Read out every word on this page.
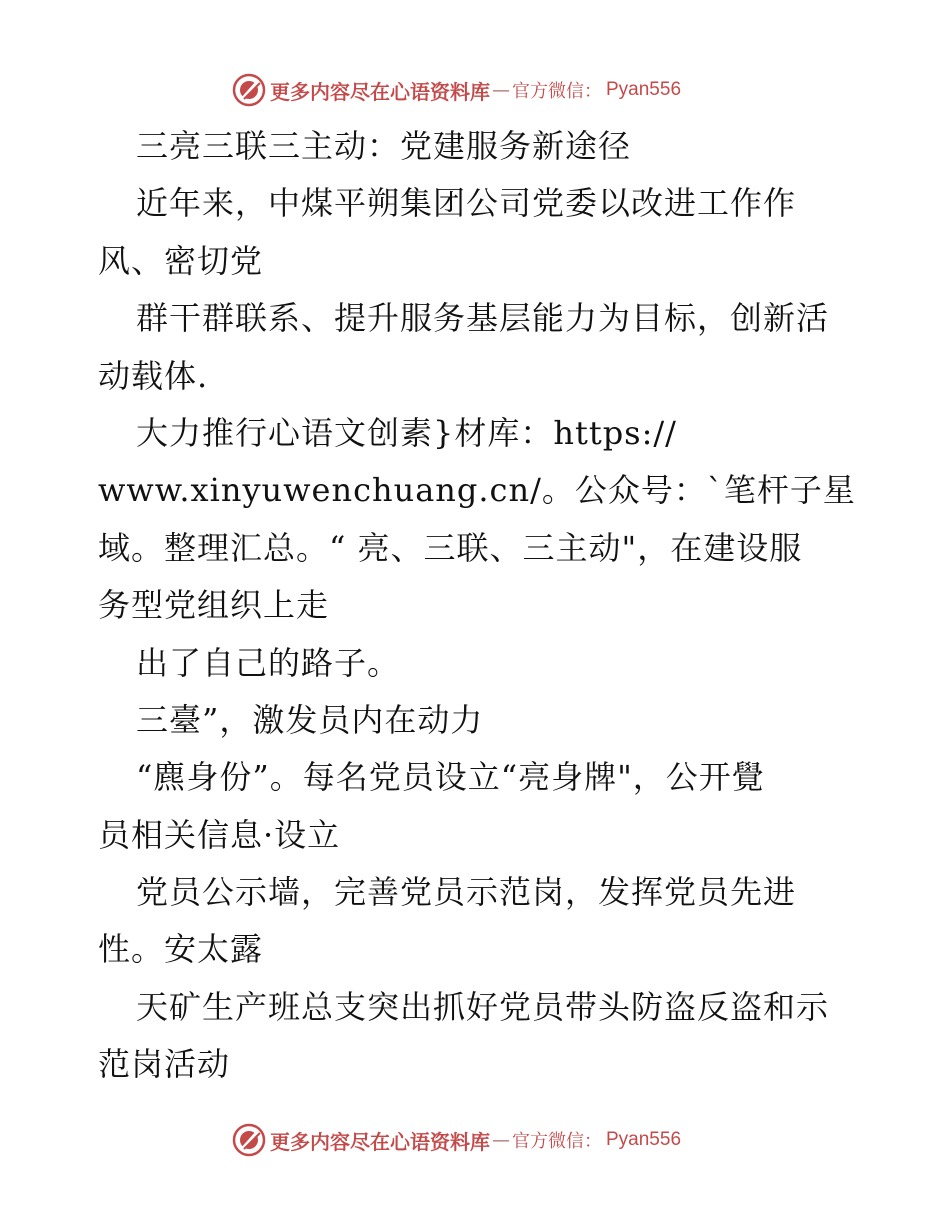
更多内容尽在心语资料库 — 官方微信： Pyan556
三亮三联三主动：党建服务新途径
近年来，中煤平朔集团公司党委以改进工作作
风、密切党
群干群联系、提升服务基层能力为目标，创新活
动载体.
大力推行心语文创素}材库：https://
www.xinyuwenchuang.cn/。公众号：`笔杆子星
域。整理汇总。“ 亮、三联、三主动"，在建设服
务型党组织上走
出了自己的路子。
三臺”，激发员内在动力
“麃身份”。每名党员设立“亮身牌"，公开覺
员相关信息·设立
党员公示墙，完善党员示范岗，发挥党员先进
性。安太露
天矿生产班总支突出抓好党员带头防盗反盗和示
范岗活动
更多内容尽在心语资料库 — 官方微信： Pyan556
